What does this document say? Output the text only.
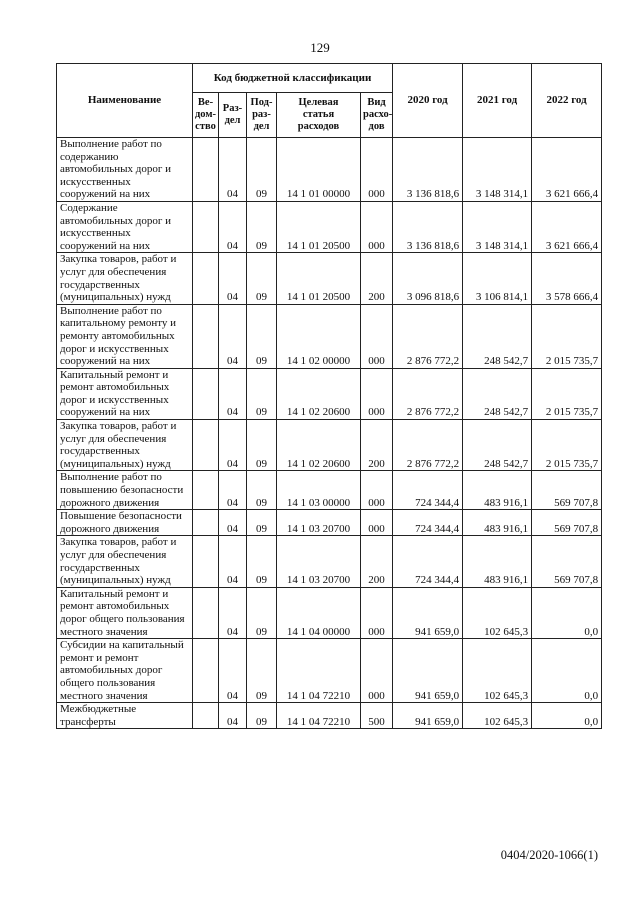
129
Наименование	Код бюджетной классификации					2020 год	2021 год	2022 год
	Ве-
дом-
ство	Раз-
дел	Под-
раз-
дел	Целевая
статья
расходов	Вид
расхо-
дов			
Выполнение работ по содержанию автомобильных дорог и искусственных сооружений на них		04	09	14 1 01 00000	000	3 136 818,6	3 148 314,1	3 621 666,4
Содержание автомобильных дорог и искусственных сооружений на них		04	09	14 1 01 20500	000	3 136 818,6	3 148 314,1	3 621 666,4
Закупка товаров, работ и услуг для обеспечения государственных (муниципальных) нужд		04	09	14 1 01 20500	200	3 096 818,6	3 106 814,1	3 578 666,4
Выполнение работ по капитальному ремонту и ремонту автомобильных дорог и искусственных сооружений на них		04	09	14 1 02 00000	000	2 876 772,2	248 542,7	2 015 735,7
Капитальный ремонт и ремонт автомобильных дорог и искусственных сооружений на них		04	09	14 1 02 20600	000	2 876 772,2	248 542,7	2 015 735,7
Закупка товаров, работ и услуг для обеспечения государственных (муниципальных) нужд		04	09	14 1 02 20600	200	2 876 772,2	248 542,7	2 015 735,7
Выполнение работ по повышению безопасности дорожного движения		04	09	14 1 03 00000	000	724 344,4	483 916,1	569 707,8
Повышение безопасности дорожного движения		04	09	14 1 03 20700	000	724 344,4	483 916,1	569 707,8
Закупка товаров, работ и услуг для обеспечения государственных (муниципальных) нужд		04	09	14 1 03 20700	200	724 344,4	483 916,1	569 707,8
Капитальный ремонт и ремонт автомобильных дорог общего пользования местного значения		04	09	14 1 04 00000	000	941 659,0	102 645,3	0,0
Субсидии на капитальный ремонт и ремонт автомобильных дорог общего пользования местного значения		04	09	14 1 04 72210	000	941 659,0	102 645,3	0,0
Межбюджетные трансферты		04	09	14 1 04 72210	500	941 659,0	102 645,3	0,0
0404/2020-1066(1)
